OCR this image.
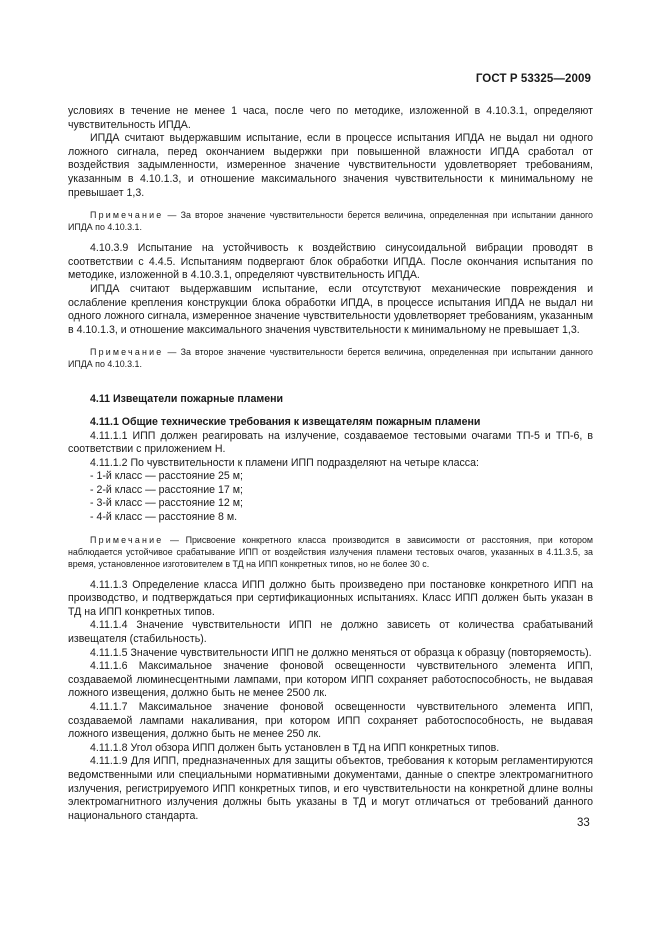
ГОСТ Р 53325—2009

условиях в течение не менее 1 часа, после чего по методике, изложенной в 4.10.3.1, определяют чувствительность ИПДА.

ИПДА считают выдержавшим испытание, если в процессе испытания ИПДА не выдал ни одного ложного сигнала, перед окончанием выдержки при повышенной влажности ИПДА сработал от воздействия задымленности, измеренное значение чувствительности удовлетворяет требованиям, указанным в 4.10.1.3, и отношение максимального значения чувствительности к минимальному не превышает 1,3.

Примечание — За второе значение чувствительности берется величина, определенная при испытании данного ИПДА по 4.10.3.1.

4.10.3.9 Испытание на устойчивость к воздействию синусоидальной вибрации проводят в соответствии с 4.4.5. Испытаниям подвергают блок обработки ИПДА. После окончания испытания по методике, изложенной в 4.10.3.1, определяют чувствительность ИПДА.

ИПДА считают выдержавшим испытание, если отсутствуют механические повреждения и ослабление крепления конструкции блока обработки ИПДА, в процессе испытания ИПДА не выдал ни одного ложного сигнала, измеренное значение чувствительности удовлетворяет требованиям, указанным в 4.10.1.3, и отношение максимального значения чувствительности к минимальному не превышает 1,3.

Примечание — За второе значение чувствительности берется величина, определенная при испытании данного ИПДА по 4.10.3.1.

4.11 Извещатели пожарные пламени

4.11.1 Общие технические требования к извещателям пожарным пламени

4.11.1.1 ИПП должен реагировать на излучение, создаваемое тестовыми очагами ТП-5 и ТП-6, в соответствии с приложением Н.

4.11.1.2 По чувствительности к пламени ИПП подразделяют на четыре класса:

- 1-й класс — расстояние 25 м;

- 2-й класс — расстояние 17 м;

- 3-й класс — расстояние 12 м;

- 4-й класс — расстояние 8 м.

Примечание — Присвоение конкретного класса производится в зависимости от расстояния, при котором наблюдается устойчивое срабатывание ИПП от воздействия излучения пламени тестовых очагов, указанных в 4.11.3.5, за время, установленное изготовителем в ТД на ИПП конкретных типов, но не более 30 с.

4.11.1.3 Определение класса ИПП должно быть произведено при постановке конкретного ИПП на производство, и подтверждаться при сертификационных испытаниях. Класс ИПП должен быть указан в ТД на ИПП конкретных типов.

4.11.1.4 Значение чувствительности ИПП не должно зависеть от количества срабатываний извещателя (стабильность).

4.11.1.5 Значение чувствительности ИПП не должно меняться от образца к образцу (повторяемость).

4.11.1.6 Максимальное значение фоновой освещенности чувствительного элемента ИПП, создаваемой люминесцентными лампами, при котором ИПП сохраняет работоспособность, не выдавая ложного извещения, должно быть не менее 2500 лк.

4.11.1.7 Максимальное значение фоновой освещенности чувствительного элемента ИПП, создаваемой лампами накаливания, при котором ИПП сохраняет работоспособность, не выдавая ложного извещения, должно быть не менее 250 лк.

4.11.1.8 Угол обзора ИПП должен быть установлен в ТД на ИПП конкретных типов.

4.11.1.9 Для ИПП, предназначенных для защиты объектов, требования к которым регламентируются ведомственными или специальными нормативными документами, данные о спектре электромагнитного излучения, регистрируемого ИПП конкретных типов, и его чувствительности на конкретной длине волны электромагнитного излучения должны быть указаны в ТД и могут отличаться от требований данного национального стандарта.

33
